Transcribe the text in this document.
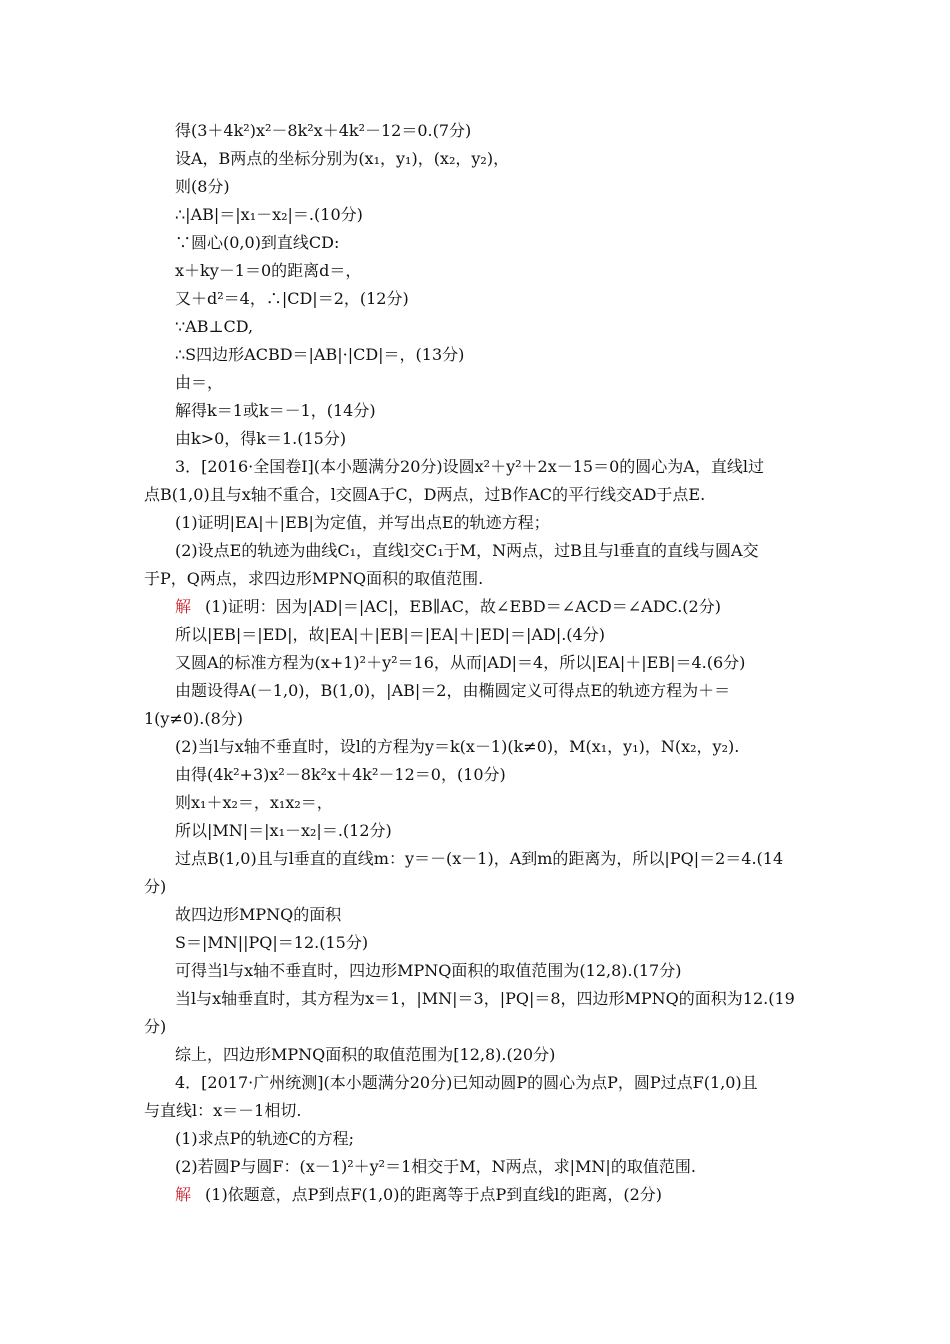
得(3＋4k²)x²－8k²x＋4k²－12＝0.(7分)
设A，B两点的坐标分别为(x₁，y₁)，(x₂，y₂)，
则(8分)
∴|AB|＝|x₁－x₂|＝.(10分)
∵圆心(0,0)到直线CD:
x＋ky－1＝0的距离d＝，
又＋d²＝4，∴|CD|＝2，(12分)
∵AB⊥CD,
∴S四边形ACBD＝|AB|·|CD|＝，(13分)
由＝，
解得k＝1或k＝－1，(14分)
由k>0，得k＝1.(15分)
3．[2016·全国卷Ⅰ](本小题满分20分)设圆x²＋y²＋2x－15＝0的圆心为A，直线l过
点B(1,0)且与x轴不重合，l交圆A于C，D两点，过B作AC的平行线交AD于点E.
(1)证明|EA|＋|EB|为定值，并写出点E的轨迹方程；
(2)设点E的轨迹为曲线C₁，直线l交C₁于M，N两点，过B且与l垂直的直线与圆A交
于P，Q两点，求四边形MPNQ面积的取值范围.
解 (1)证明：因为|AD|＝|AC|，EB∥AC，故∠EBD＝∠ACD＝∠ADC.(2分)
所以|EB|＝|ED|，故|EA|＋|EB|＝|EA|＋|ED|＝|AD|.(4分)
又圆A的标准方程为(x+1)²＋y²＝16，从而|AD|＝4，所以|EA|＋|EB|＝4.(6分)
由题设得A(－1,0)，B(1,0)，|AB|＝2，由椭圆定义可得点E的轨迹方程为＋＝
1(y≠0).(8分)
(2)当l与x轴不垂直时，设l的方程为y＝k(x－1)(k≠0)，M(x₁，y₁)，N(x₂，y₂).
由得(4k²+3)x²－8k²x＋4k²－12＝0，(10分)
则x₁＋x₂＝，x₁x₂＝，
所以|MN|＝|x₁－x₂|＝.(12分)
过点B(1,0)且与l垂直的直线m：y＝－(x－1)，A到m的距离为，所以|PQ|＝2＝4.(14
分)
故四边形MPNQ的面积
S＝|MN||PQ|＝12.(15分)
可得当l与x轴不垂直时，四边形MPNQ面积的取值范围为(12,8).(17分)
当l与x轴垂直时，其方程为x＝1，|MN|＝3，|PQ|＝8，四边形MPNQ的面积为12.(19
分)
综上，四边形MPNQ面积的取值范围为[12,8).(20分)
4．[2017·广州统测](本小题满分20分)已知动圆P的圆心为点P，圆P过点F(1,0)且
与直线l：x＝－1相切.
(1)求点P的轨迹C的方程;
(2)若圆P与圆F：(x－1)²＋y²＝1相交于M，N两点，求|MN|的取值范围.
解 (1)依题意，点P到点F(1,0)的距离等于点P到直线l的距离，(2分)
